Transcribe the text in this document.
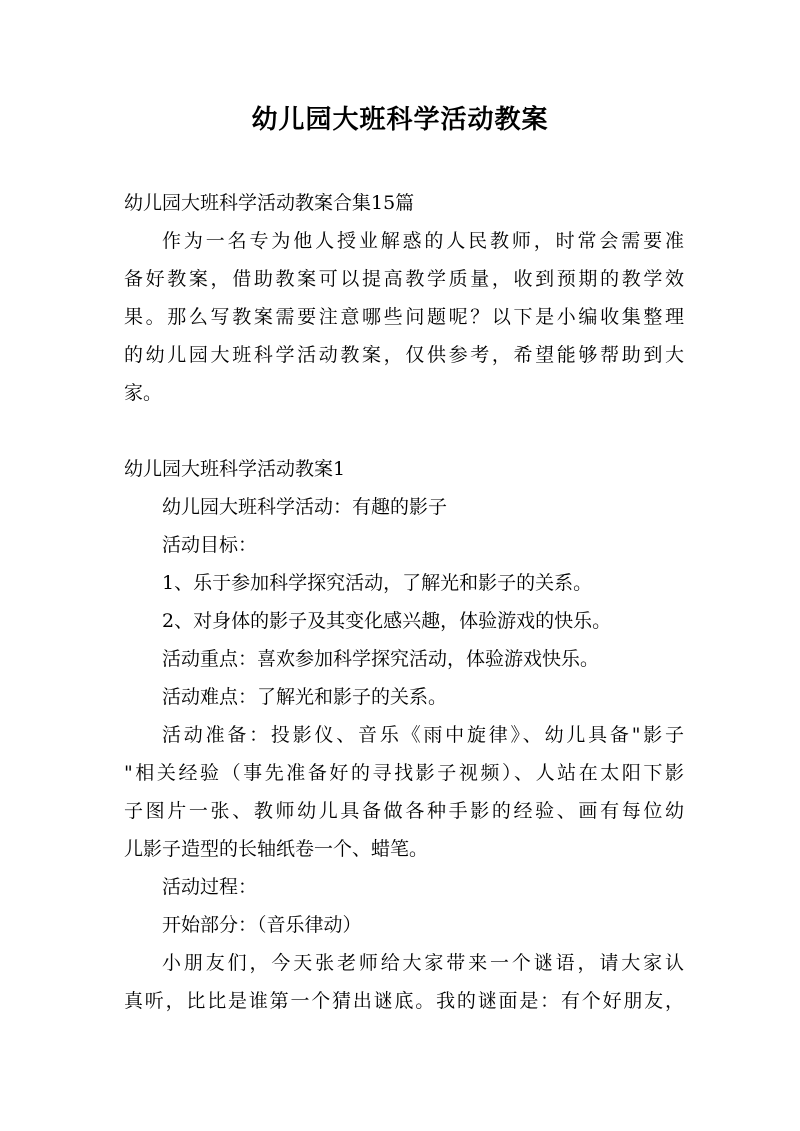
幼儿园大班科学活动教案
幼儿园大班科学活动教案合集15篇
作为一名专为他人授业解惑的人民教师，时常会需要准
备好教案，借助教案可以提高教学质量，收到预期的教学效
果。那么写教案需要注意哪些问题呢？以下是小编收集整理
的幼儿园大班科学活动教案，仅供参考，希望能够帮助到大
家。
幼儿园大班科学活动教案1
幼儿园大班科学活动：有趣的影子
活动目标：
1、乐于参加科学探究活动，了解光和影子的关系。
2、对身体的影子及其变化感兴趣，体验游戏的快乐。
活动重点：喜欢参加科学探究活动，体验游戏快乐。
活动难点：了解光和影子的关系。
活动准备：投影仪、音乐《雨中旋律》、幼儿具备"影子
"相关经验（事先准备好的寻找影子视频）、人站在太阳下影
子图片一张、教师幼儿具备做各种手影的经验、画有每位幼
儿影子造型的长轴纸卷一个、蜡笔。
活动过程：
开始部分：（音乐律动）
小朋友们，今天张老师给大家带来一个谜语，请大家认
真听，比比是谁第一个猜出谜底。我的谜面是：有个好朋友，
